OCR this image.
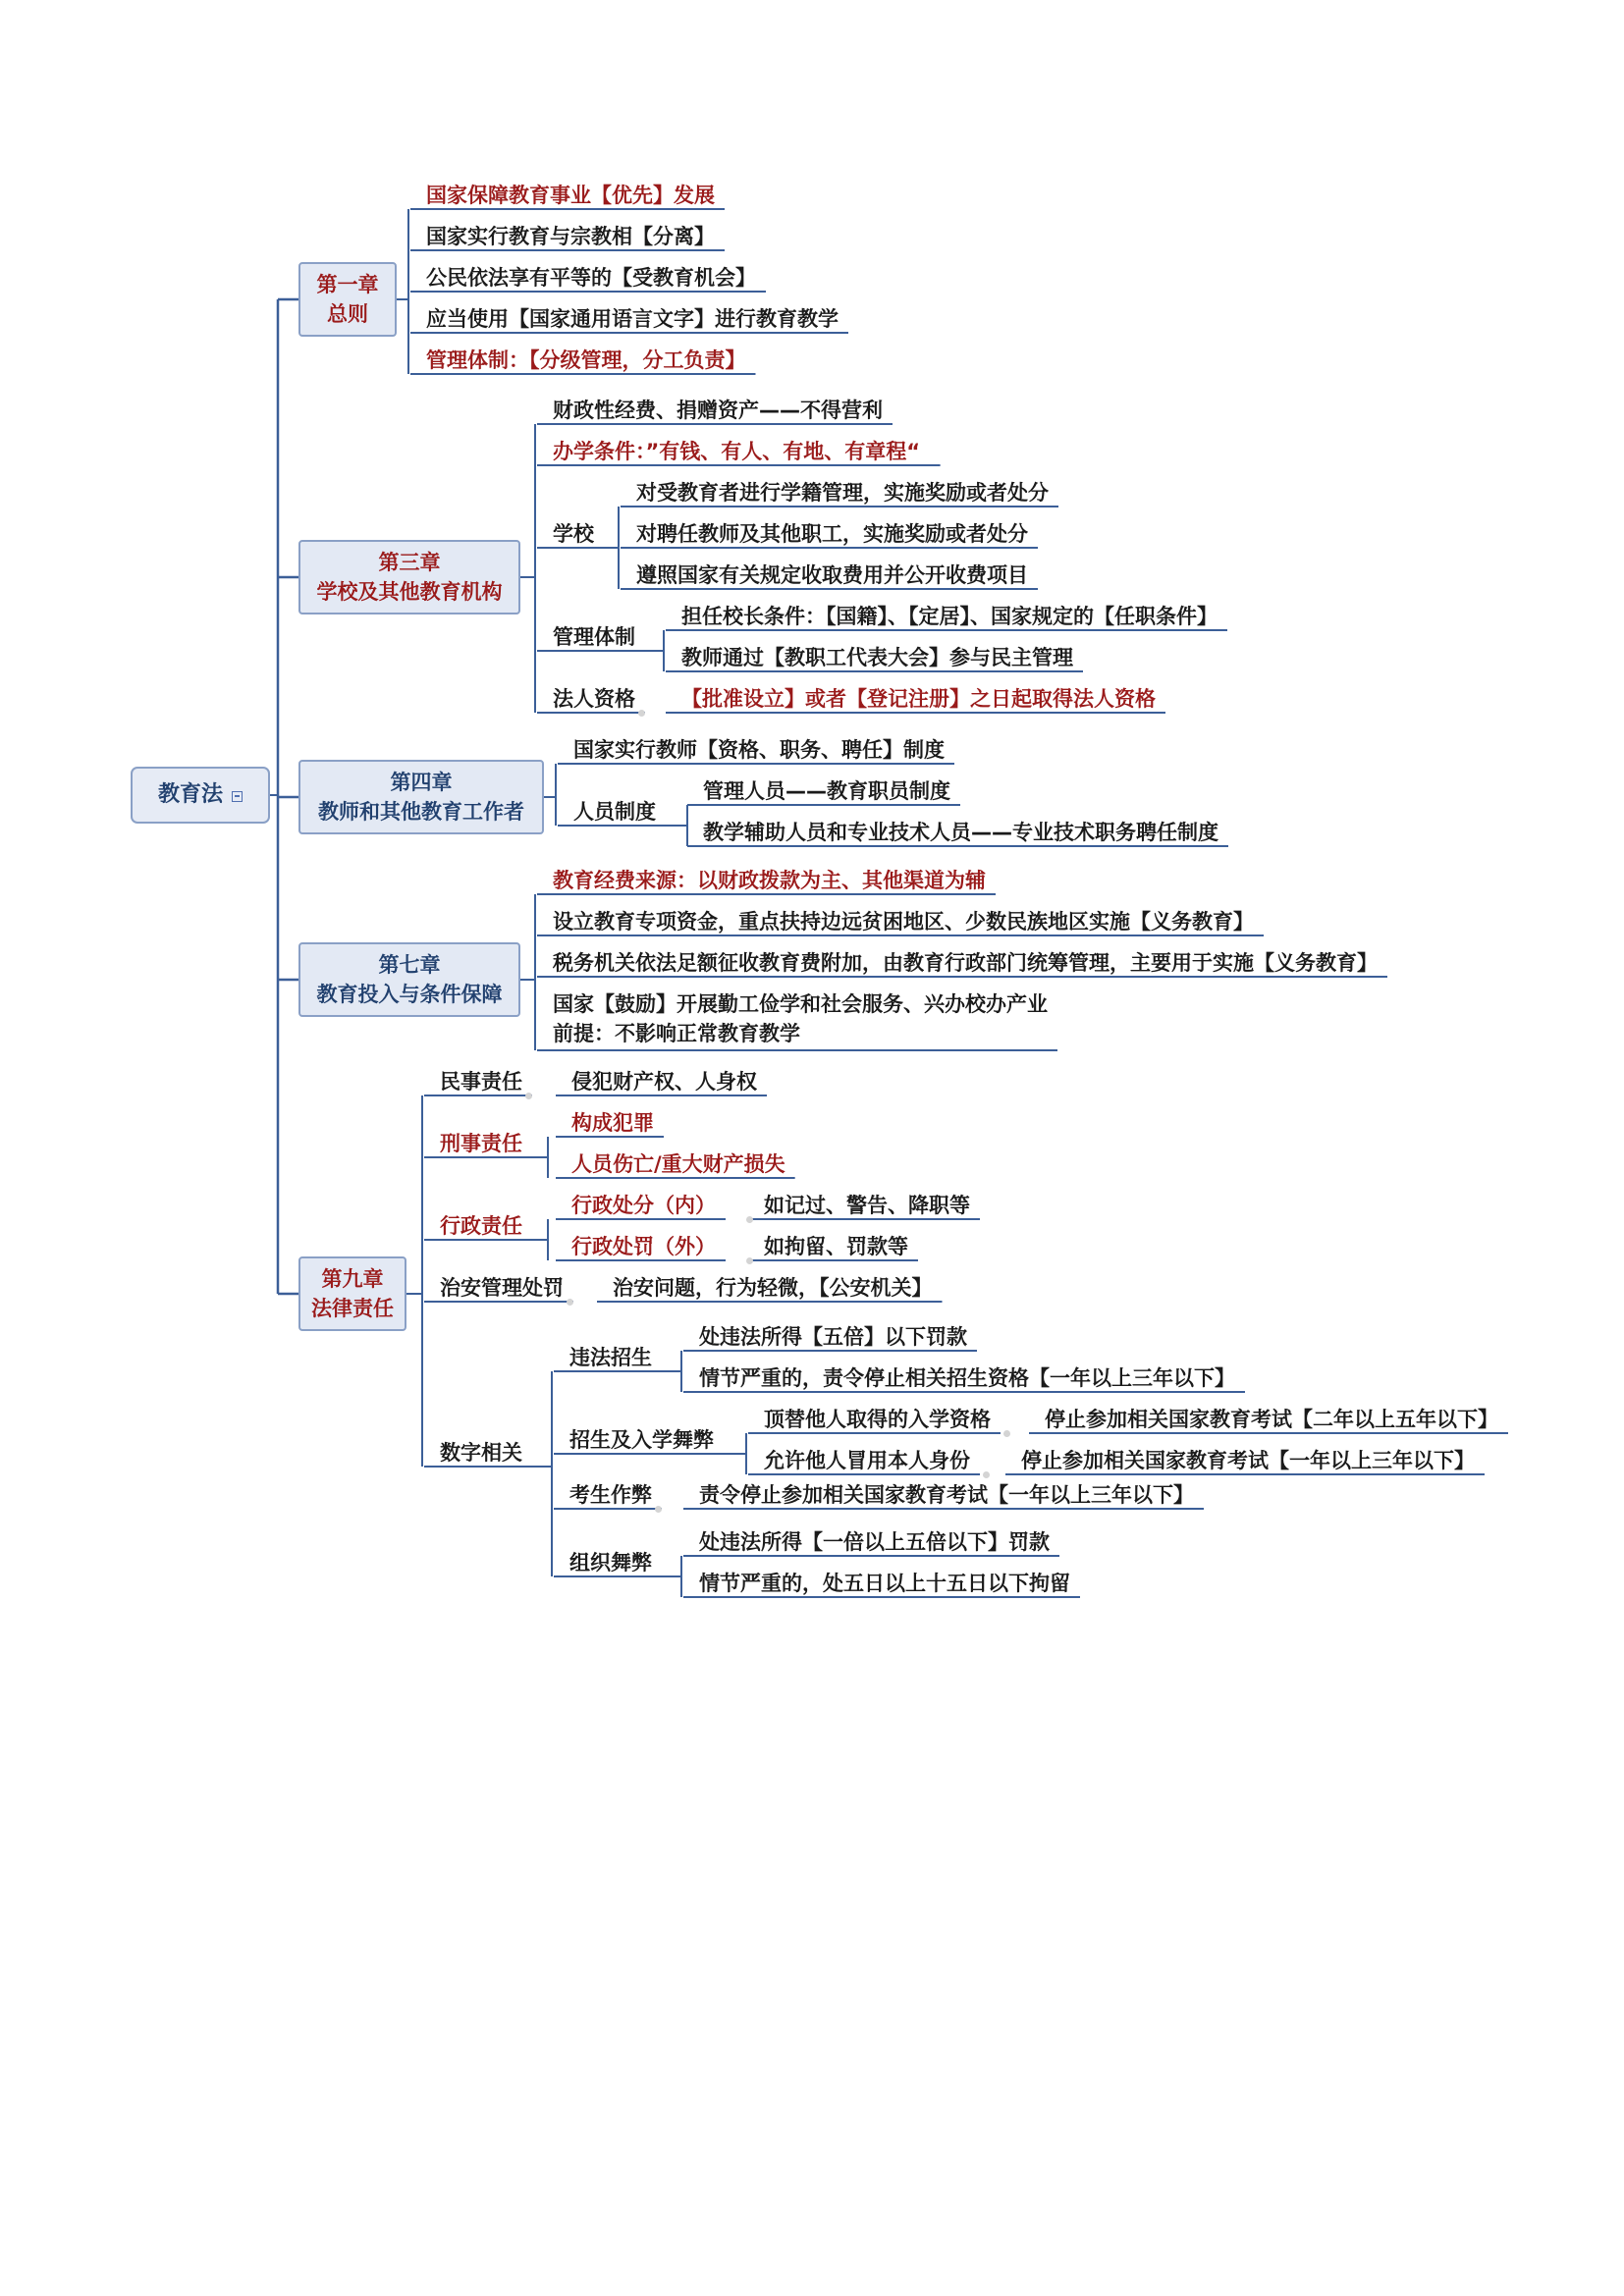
教育法
第一章
总则
国家保障教育事业【优先】发展
国家实行教育与宗教相【分离】
公民依法享有平等的【受教育机会】
应当使用【国家通用语言文字】进行教育教学
管理体制：【分级管理，分工负责】
第三章
学校及其他教育机构
财政性经费、捐赠资产——不得营利
办学条件：”有钱、有人、有地、有章程“
学校
对受教育者进行学籍管理，实施奖励或者处分
对聘任教师及其他职工，实施奖励或者处分
遵照国家有关规定收取费用并公开收费项目
管理体制
担任校长条件：【国籍】、【定居】、国家规定的【任职条件】
教师通过【教职工代表大会】参与民主管理
法人资格 【批准设立】或者【登记注册】之日起取得法人资格
第四章
教师和其他教育工作者
国家实行教师【资格、职务、聘任】制度
人员制度
管理人员——教育职员制度
教学辅助人员和专业技术人员——专业技术职务聘任制度
第七章
教育投入与条件保障
教育经费来源：以财政拨款为主、其他渠道为辅
设立教育专项资金，重点扶持边远贫困地区、少数民族地区实施【义务教育】
税务机关依法足额征收教育费附加，由教育行政部门统筹管理，主要用于实施【义务教育】
国家【鼓励】开展勤工俭学和社会服务、兴办校办产业
前提：不影响正常教育教学
第九章
法律责任
民事责任 侵犯财产权、人身权
刑事责任
构成犯罪
人员伤亡/重大财产损失
行政责任
行政处分（内） 如记过、警告、降职等
行政处罚（外） 如拘留、罚款等
治安管理处罚 治安问题，行为轻微，【公安机关】
数字相关
违法招生
处违法所得【五倍】以下罚款
情节严重的，责令停止相关招生资格【一年以上三年以下】
招生及入学舞弊
顶替他人取得的入学资格	停止参加相关国家教育考试【二年以上五年以下】
允许他人冒用本人身份 停止参加相关国家教育考试【一年以上三年以下】
考生作弊 责令停止参加相关国家教育考试【一年以上三年以下】
组织舞弊
处违法所得【一倍以上五倍以下】罚款
情节严重的，处五日以上十五日以下拘留
